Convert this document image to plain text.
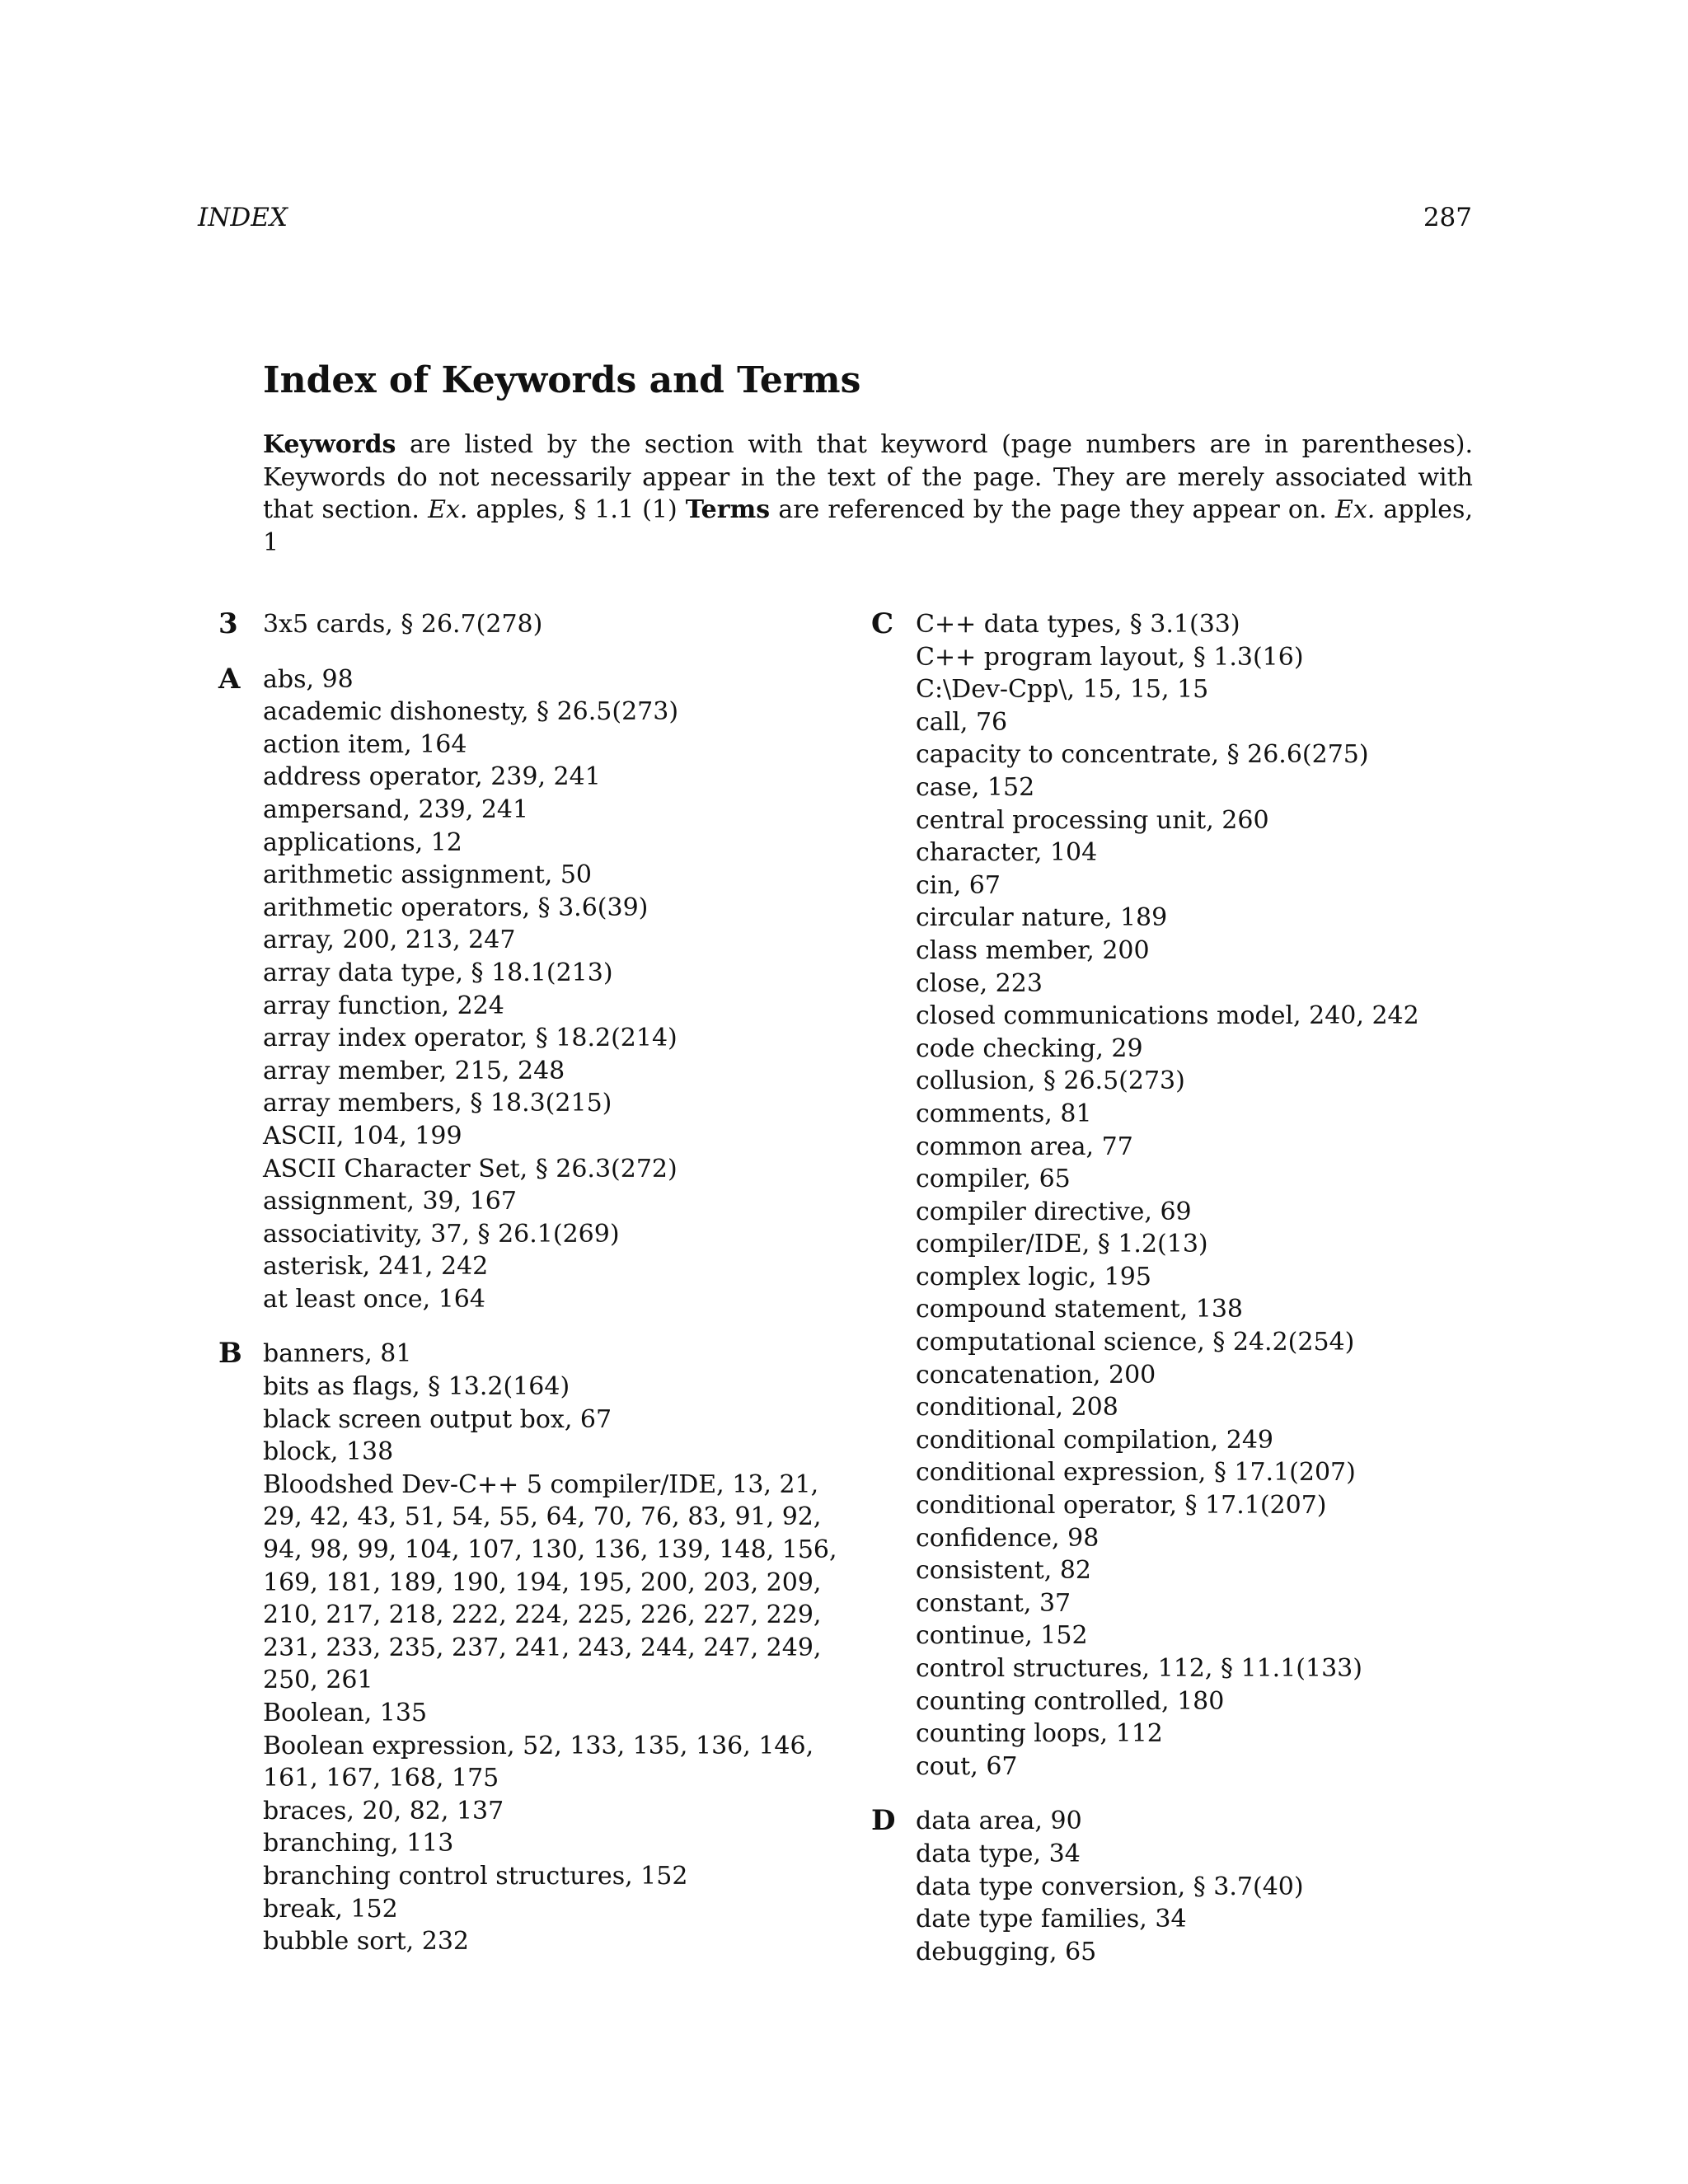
INDEX	287
Index of Keywords and Terms

Keywords are listed by the section with that keyword (page numbers are in parentheses). Keywords do not necessarily appear in the text of the page. They are merely associated with that section. Ex. apples, § 1.1 (1) Terms are referenced by the page they appear on. Ex. apples, 1

3 3x5 cards, § 26.7(278)
A abs, 98
academic dishonesty, § 26.5(273)
action item, 164
address operator, 239, 241
ampersand, 239, 241
applications, 12
arithmetic assignment, 50
arithmetic operators, § 3.6(39)
array, 200, 213, 247
array data type, § 18.1(213)
array function, 224
array index operator, § 18.2(214)
array member, 215, 248
array members, § 18.3(215)
ASCII, 104, 199
ASCII Character Set, § 26.3(272)
assignment, 39, 167
associativity, 37, § 26.1(269)
asterisk, 241, 242
at least once, 164
B banners, 81
bits as flags, § 13.2(164)
black screen output box, 67
block, 138
Bloodshed Dev-C++ 5 compiler/IDE, 13, 21, 29, 42, 43, 51, 54, 55, 64, 70, 76, 83, 91, 92, 94, 98, 99, 104, 107, 130, 136, 139, 148, 156, 169, 181, 189, 190, 194, 195, 200, 203, 209, 210, 217, 218, 222, 224, 225, 226, 227, 229, 231, 233, 235, 237, 241, 243, 244, 247, 249, 250, 261
Boolean, 135
Boolean expression, 52, 133, 135, 136, 146, 161, 167, 168, 175
braces, 20, 82, 137
branching, 113
branching control structures, 152
break, 152
bubble sort, 232
C C++ data types, § 3.1(33)
C++ program layout, § 1.3(16)
C:\Dev-Cpp\, 15, 15, 15
call, 76
capacity to concentrate, § 26.6(275)
case, 152
central processing unit, 260
character, 104
cin, 67
circular nature, 189
class member, 200
close, 223
closed communications model, 240, 242
code checking, 29
collusion, § 26.5(273)
comments, 81
common area, 77
compiler, 65
compiler directive, 69
compiler/IDE, § 1.2(13)
complex logic, 195
compound statement, 138
computational science, § 24.2(254)
concatenation, 200
conditional, 208
conditional compilation, 249
conditional expression, § 17.1(207)
conditional operator, § 17.1(207)
confidence, 98
consistent, 82
constant, 37
continue, 152
control structures, 112, § 11.1(133)
counting controlled, 180
counting loops, 112
cout, 67
D data area, 90
data type, 34
data type conversion, § 3.7(40)
date type families, 34
debugging, 65
